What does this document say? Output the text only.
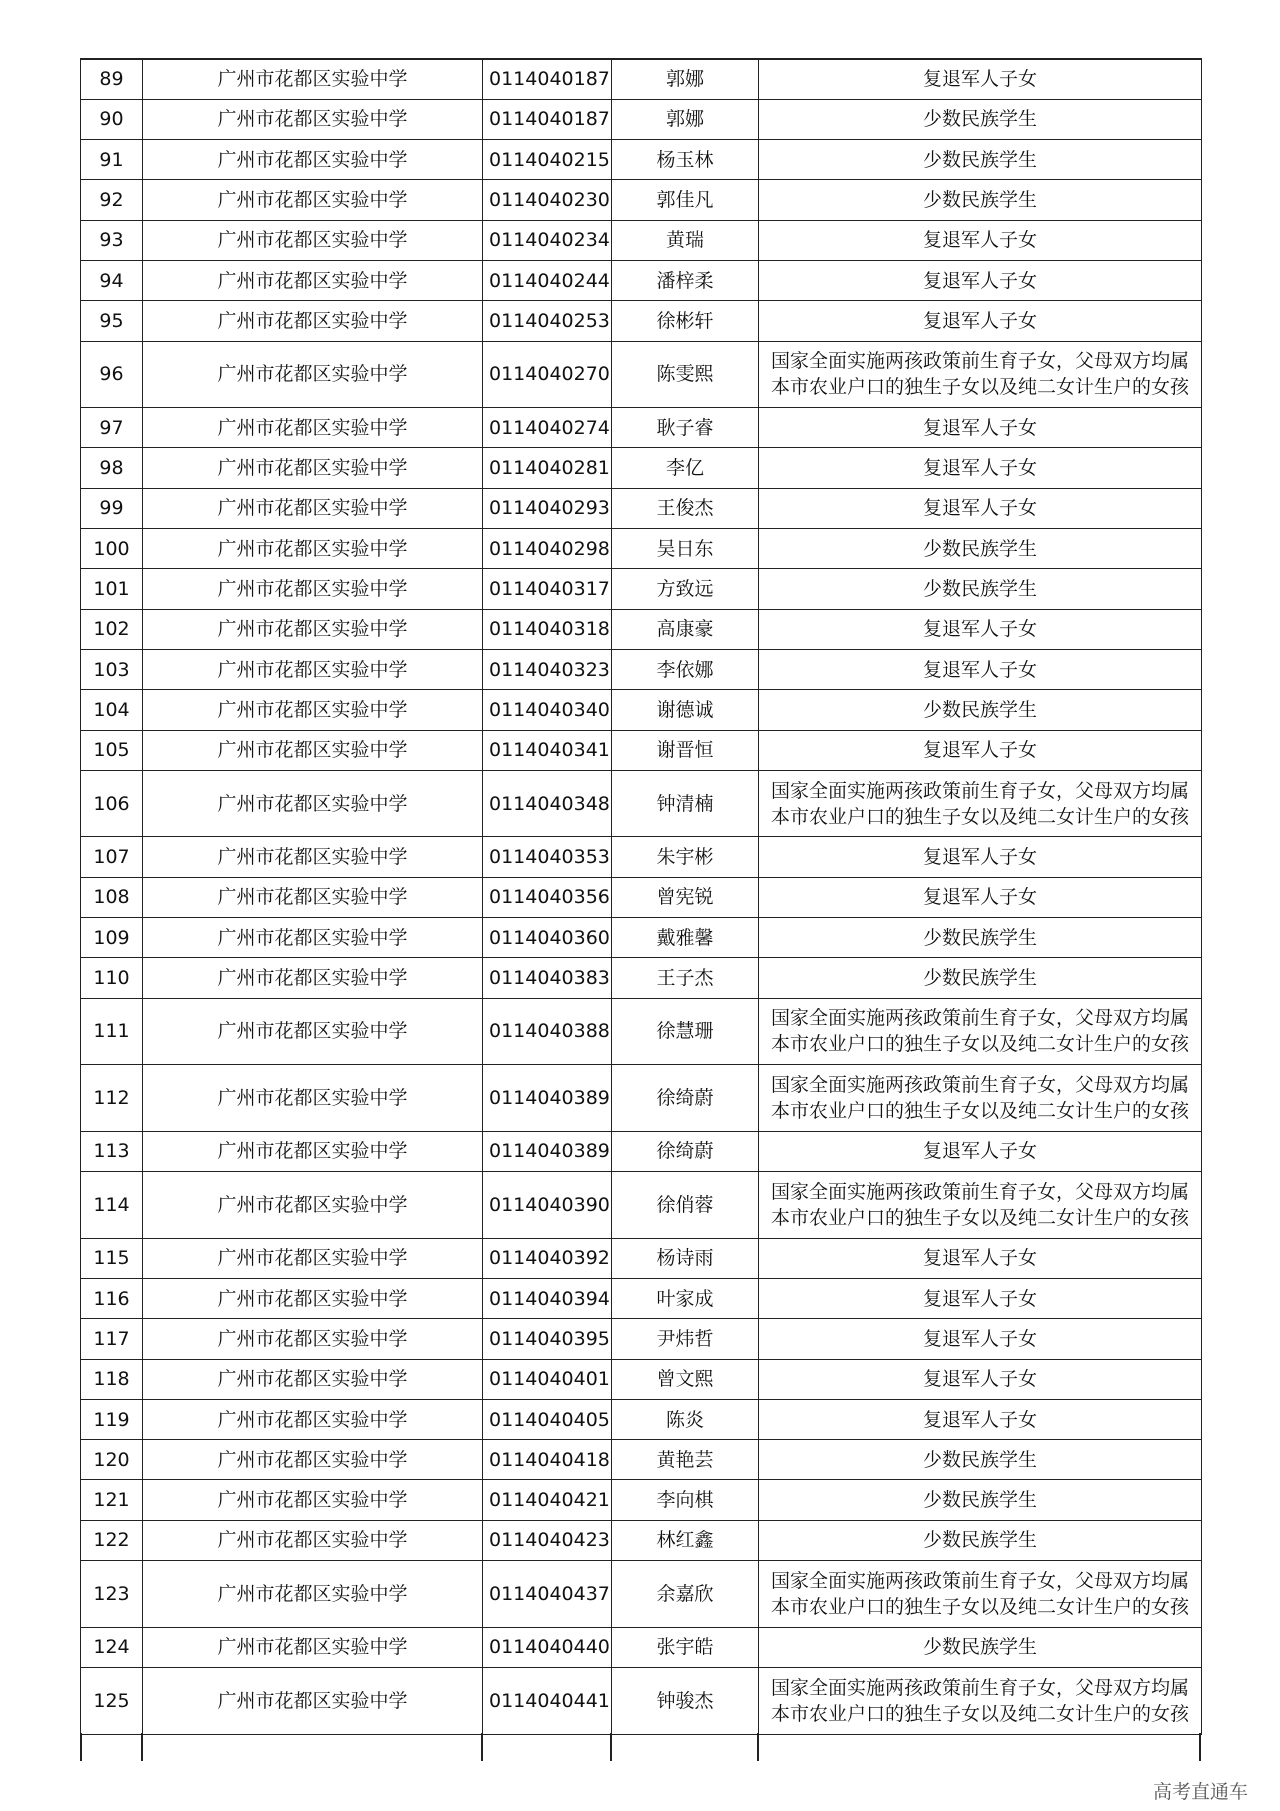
89	广州市花都区实验中学	0114040187	郭娜	复退军人子女
90	广州市花都区实验中学	0114040187	郭娜	少数民族学生
91	广州市花都区实验中学	0114040215	杨玉林	少数民族学生
92	广州市花都区实验中学	0114040230	郭佳凡	少数民族学生
93	广州市花都区实验中学	0114040234	黄瑞	复退军人子女
94	广州市花都区实验中学	0114040244	潘梓柔	复退军人子女
95	广州市花都区实验中学	0114040253	徐彬轩	复退军人子女
96	广州市花都区实验中学	0114040270	陈雯熙	国家全面实施两孩政策前生育子女，父母双方均属
本市农业户口的独生子女以及纯二女计生户的女孩

97	广州市花都区实验中学	0114040274	耿子睿	复退军人子女
98	广州市花都区实验中学	0114040281	李亿	复退军人子女
99	广州市花都区实验中学	0114040293	王俊杰	复退军人子女
100	广州市花都区实验中学	0114040298	吴日东	少数民族学生
101	广州市花都区实验中学	0114040317	方致远	少数民族学生
102	广州市花都区实验中学	0114040318	高康豪	复退军人子女
103	广州市花都区实验中学	0114040323	李依娜	复退军人子女
104	广州市花都区实验中学	0114040340	谢德诚	少数民族学生
105	广州市花都区实验中学	0114040341	谢晋恒	复退军人子女
106	广州市花都区实验中学	0114040348	钟清楠	国家全面实施两孩政策前生育子女，父母双方均属
本市农业户口的独生子女以及纯二女计生户的女孩

107	广州市花都区实验中学	0114040353	朱宇彬	复退军人子女
108	广州市花都区实验中学	0114040356	曾宪锐	复退军人子女
109	广州市花都区实验中学	0114040360	戴雅馨	少数民族学生
110	广州市花都区实验中学	0114040383	王子杰	少数民族学生
111	广州市花都区实验中学	0114040388	徐慧珊	国家全面实施两孩政策前生育子女，父母双方均属
本市农业户口的独生子女以及纯二女计生户的女孩

112	广州市花都区实验中学	0114040389	徐绮蔚	国家全面实施两孩政策前生育子女，父母双方均属
本市农业户口的独生子女以及纯二女计生户的女孩

113	广州市花都区实验中学	0114040389	徐绮蔚	复退军人子女
114	广州市花都区实验中学	0114040390	徐俏蓉	国家全面实施两孩政策前生育子女，父母双方均属
本市农业户口的独生子女以及纯二女计生户的女孩

115	广州市花都区实验中学	0114040392	杨诗雨	复退军人子女
116	广州市花都区实验中学	0114040394	叶家成	复退军人子女
117	广州市花都区实验中学	0114040395	尹炜哲	复退军人子女
118	广州市花都区实验中学	0114040401	曾文熙	复退军人子女
119	广州市花都区实验中学	0114040405	陈炎	复退军人子女
120	广州市花都区实验中学	0114040418	黄艳芸	少数民族学生
121	广州市花都区实验中学	0114040421	李向棋	少数民族学生
122	广州市花都区实验中学	0114040423	林红鑫	少数民族学生
123	广州市花都区实验中学	0114040437	余嘉欣	国家全面实施两孩政策前生育子女，父母双方均属
本市农业户口的独生子女以及纯二女计生户的女孩

124	广州市花都区实验中学	0114040440	张宇皓	少数民族学生
125	广州市花都区实验中学	0114040441	钟骏杰	国家全面实施两孩政策前生育子女，父母双方均属
本市农业户口的独生子女以及纯二女计生户的女孩
高考直通车
